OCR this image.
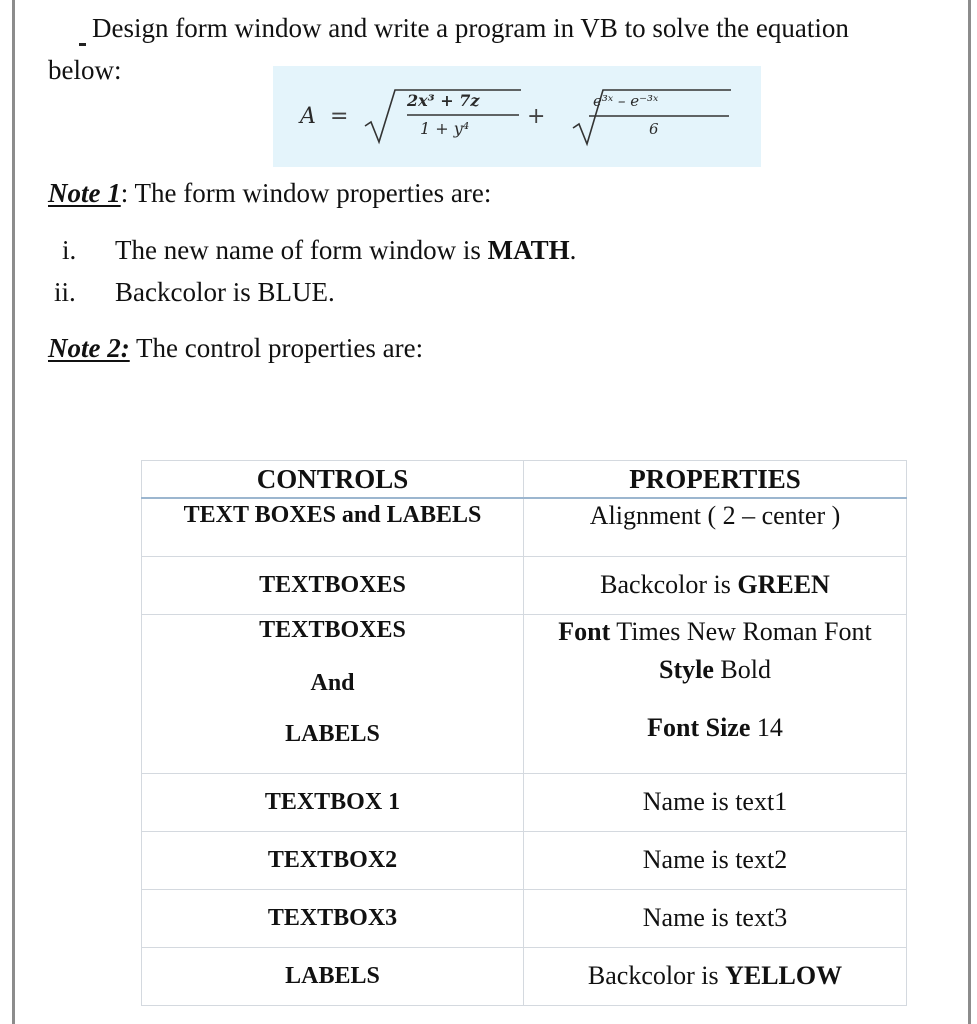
Design form window and write a program in VB to solve the equation
below:
A =
2x³ + 7z
1 + y⁴	+
e³ˣ – e⁻³ˣ
6
Note 1: The form window properties are:
i. The new name of form window is MATH.
ii. Backcolor is BLUE.
Note 2: The control properties are:
CONTROLS	PROPERTIES
TEXT BOXES and LABELS	Alignment ( 2 – center )
TEXTBOXES	Backcolor is GREEN

TEXTBOXES
And
LABELS	Font Times New Roman Font
Style Bold
Font Size 14

TEXTBOX 1	Name is text1
TEXTBOX2	Name is text2
TEXTBOX3	Name is text3
LABELS	Backcolor is YELLOW
